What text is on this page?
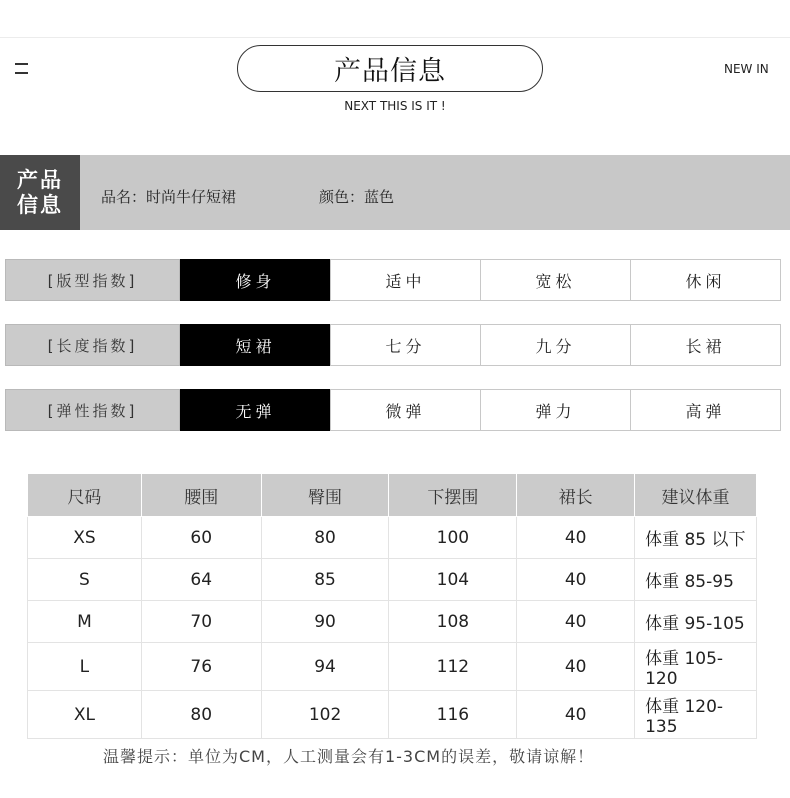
产品信息
NEXT THIS IS IT !
NEW IN
产品
信息	品名：时尚牛仔短裙	颜色：蓝色
[版型指数]	修身	适中	宽松	休闲
[长度指数]	短裙	七分	九分	长裙
[弹性指数]	无弹	微弹	弹力	高弹
尺码	腰围	臀围	下摆围	裙长	建议体重
XS	60	80	100	40	体重 85 以下
S	64	85	104	40	体重 85-95
M	70	90	108	40	体重 95-105
L	76	94	112	40	体重 105-120
XL	80	102	116	40	体重 120-135
温馨提示：单位为CM，人工测量会有1-3CM的误差，敬请谅解！
